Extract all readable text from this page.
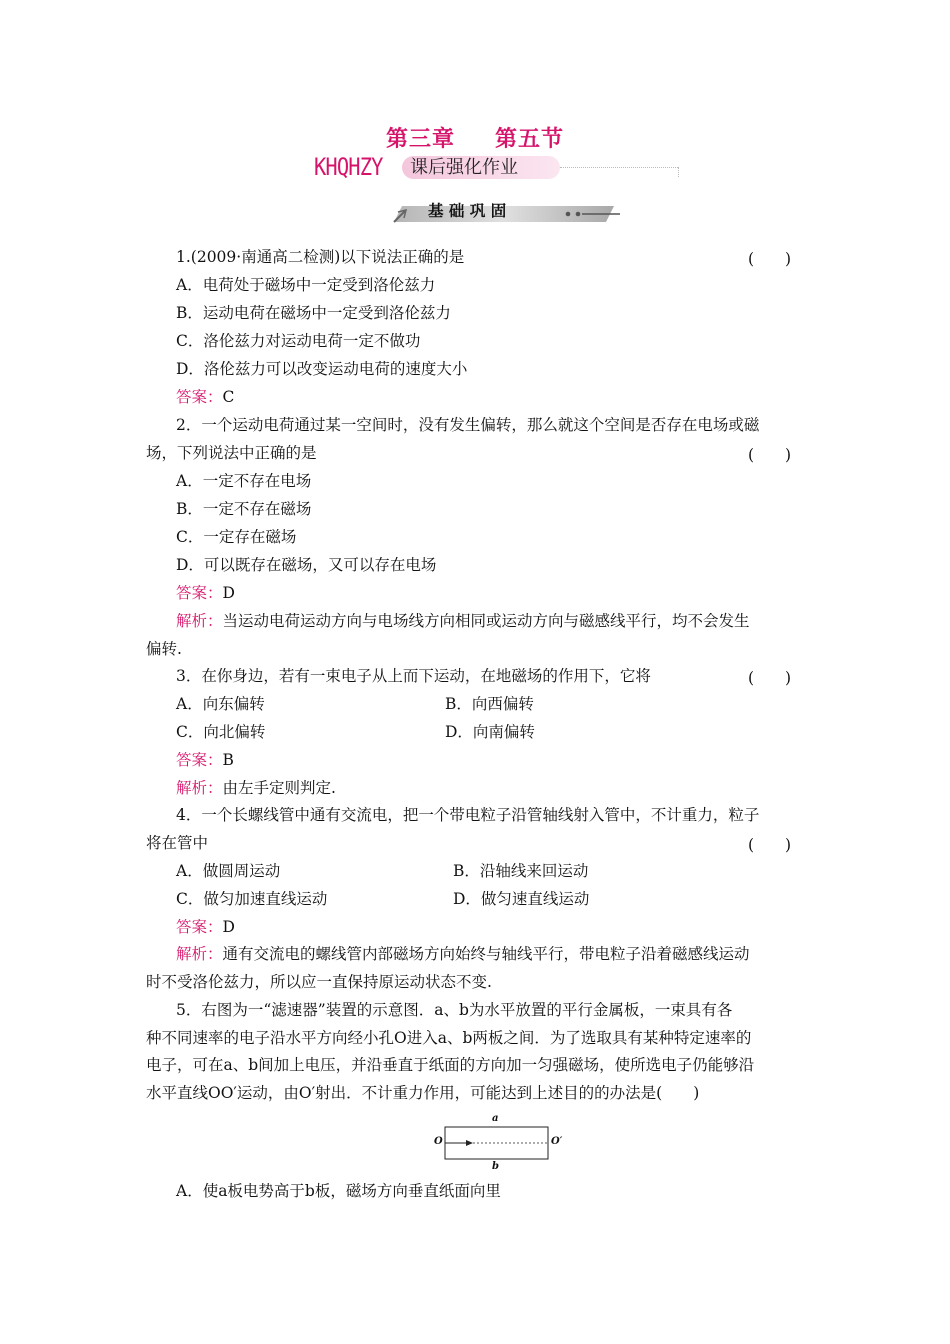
第三章 第五节
KHQHZY 课后强化作业
基 础 巩 固
1.(2009·南通高二检测)以下说法正确的是	(　　)
A．电荷处于磁场中一定受到洛伦兹力
B．运动电荷在磁场中一定受到洛伦兹力
C．洛伦兹力对运动电荷一定不做功
D．洛伦兹力可以改变运动电荷的速度大小
答案：C
2．一个运动电荷通过某一空间时，没有发生偏转，那么就这个空间是否存在电场或磁
场，下列说法中正确的是	(　　)
A．一定不存在电场
B．一定不存在磁场
C．一定存在磁场
D．可以既存在磁场，又可以存在电场
答案：D
解析：当运动电荷运动方向与电场线方向相同或运动方向与磁感线平行，均不会发生
偏转.
3．在你身边，若有一束电子从上而下运动，在地磁场的作用下，它将	(　　)
A．向东偏转	B．向西偏转
C．向北偏转	D．向南偏转
答案：B
解析：由左手定则判定.
4．一个长螺线管中通有交流电，把一个带电粒子沿管轴线射入管中，不计重力，粒子
将在管中	(　　)
A．做圆周运动	B．沿轴线来回运动
C．做匀加速直线运动	D．做匀速直线运动
答案：D
解析：通有交流电的螺线管内部磁场方向始终与轴线平行，带电粒子沿着磁感线运动
时不受洛伦兹力，所以应一直保持原运动状态不变.
5．右图为一“滤速器”装置的示意图．a、b为水平放置的平行金属板，一束具有各
种不同速率的电子沿水平方向经小孔O进入a、b两板之间．为了选取具有某种特定速率的
电子，可在a、b间加上电压，并沿垂直于纸面的方向加一匀强磁场，使所选电子仍能够沿
水平直线OO′运动，由O′射出．不计重力作用，可能达到上述目的的办法是(　　)
a
b
O	O′
A．使a板电势高于b板，磁场方向垂直纸面向里
